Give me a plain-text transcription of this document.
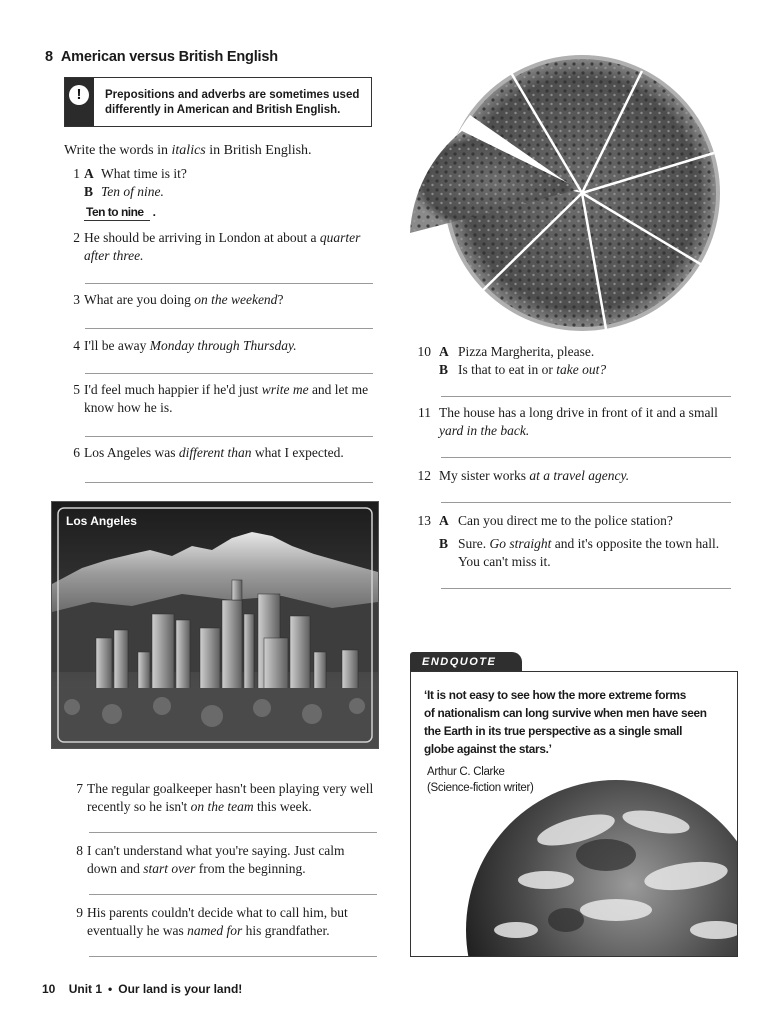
8 American versus British English
!	Prepositions and adverbs are sometimes used differently in American and British English.
Write the words in italics in British English.
1 A What time is it?
B Ten of nine.
Ten to nine .
2 He should be arriving in London at about a quarter
after three.
3 What are you doing on the weekend?
4 I'll be away Monday through Thursday.
5 I'd feel much happier if he'd just write me and let me
know how he is.
6 Los Angeles was different than what I expected.
Los Angeles
7 The regular goalkeeper hasn't been playing very well
recently so he isn't on the team this week.
8 I can't understand what you're saying. Just calm
down and start over from the beginning.
9 His parents couldn't decide what to call him, but
eventually he was named for his grandfather.
10 A Pizza Margherita, please.
B Is that to eat in or take out?
11 The house has a long drive in front of it and a small
yard in the back.
12 My sister works at a travel agency.
13 A Can you direct me to the police station?
B Sure. Go straight and it's opposite the town hall.
You can't miss it.
ENDQUOTE
‘It is not easy to see how the more extreme forms
of nationalism can long survive when men have seen
the Earth in its true perspective as a single small
globe against the stars.’
Arthur C. Clarke
(Science-fiction writer)
10 Unit 1 • Our land is your land!
